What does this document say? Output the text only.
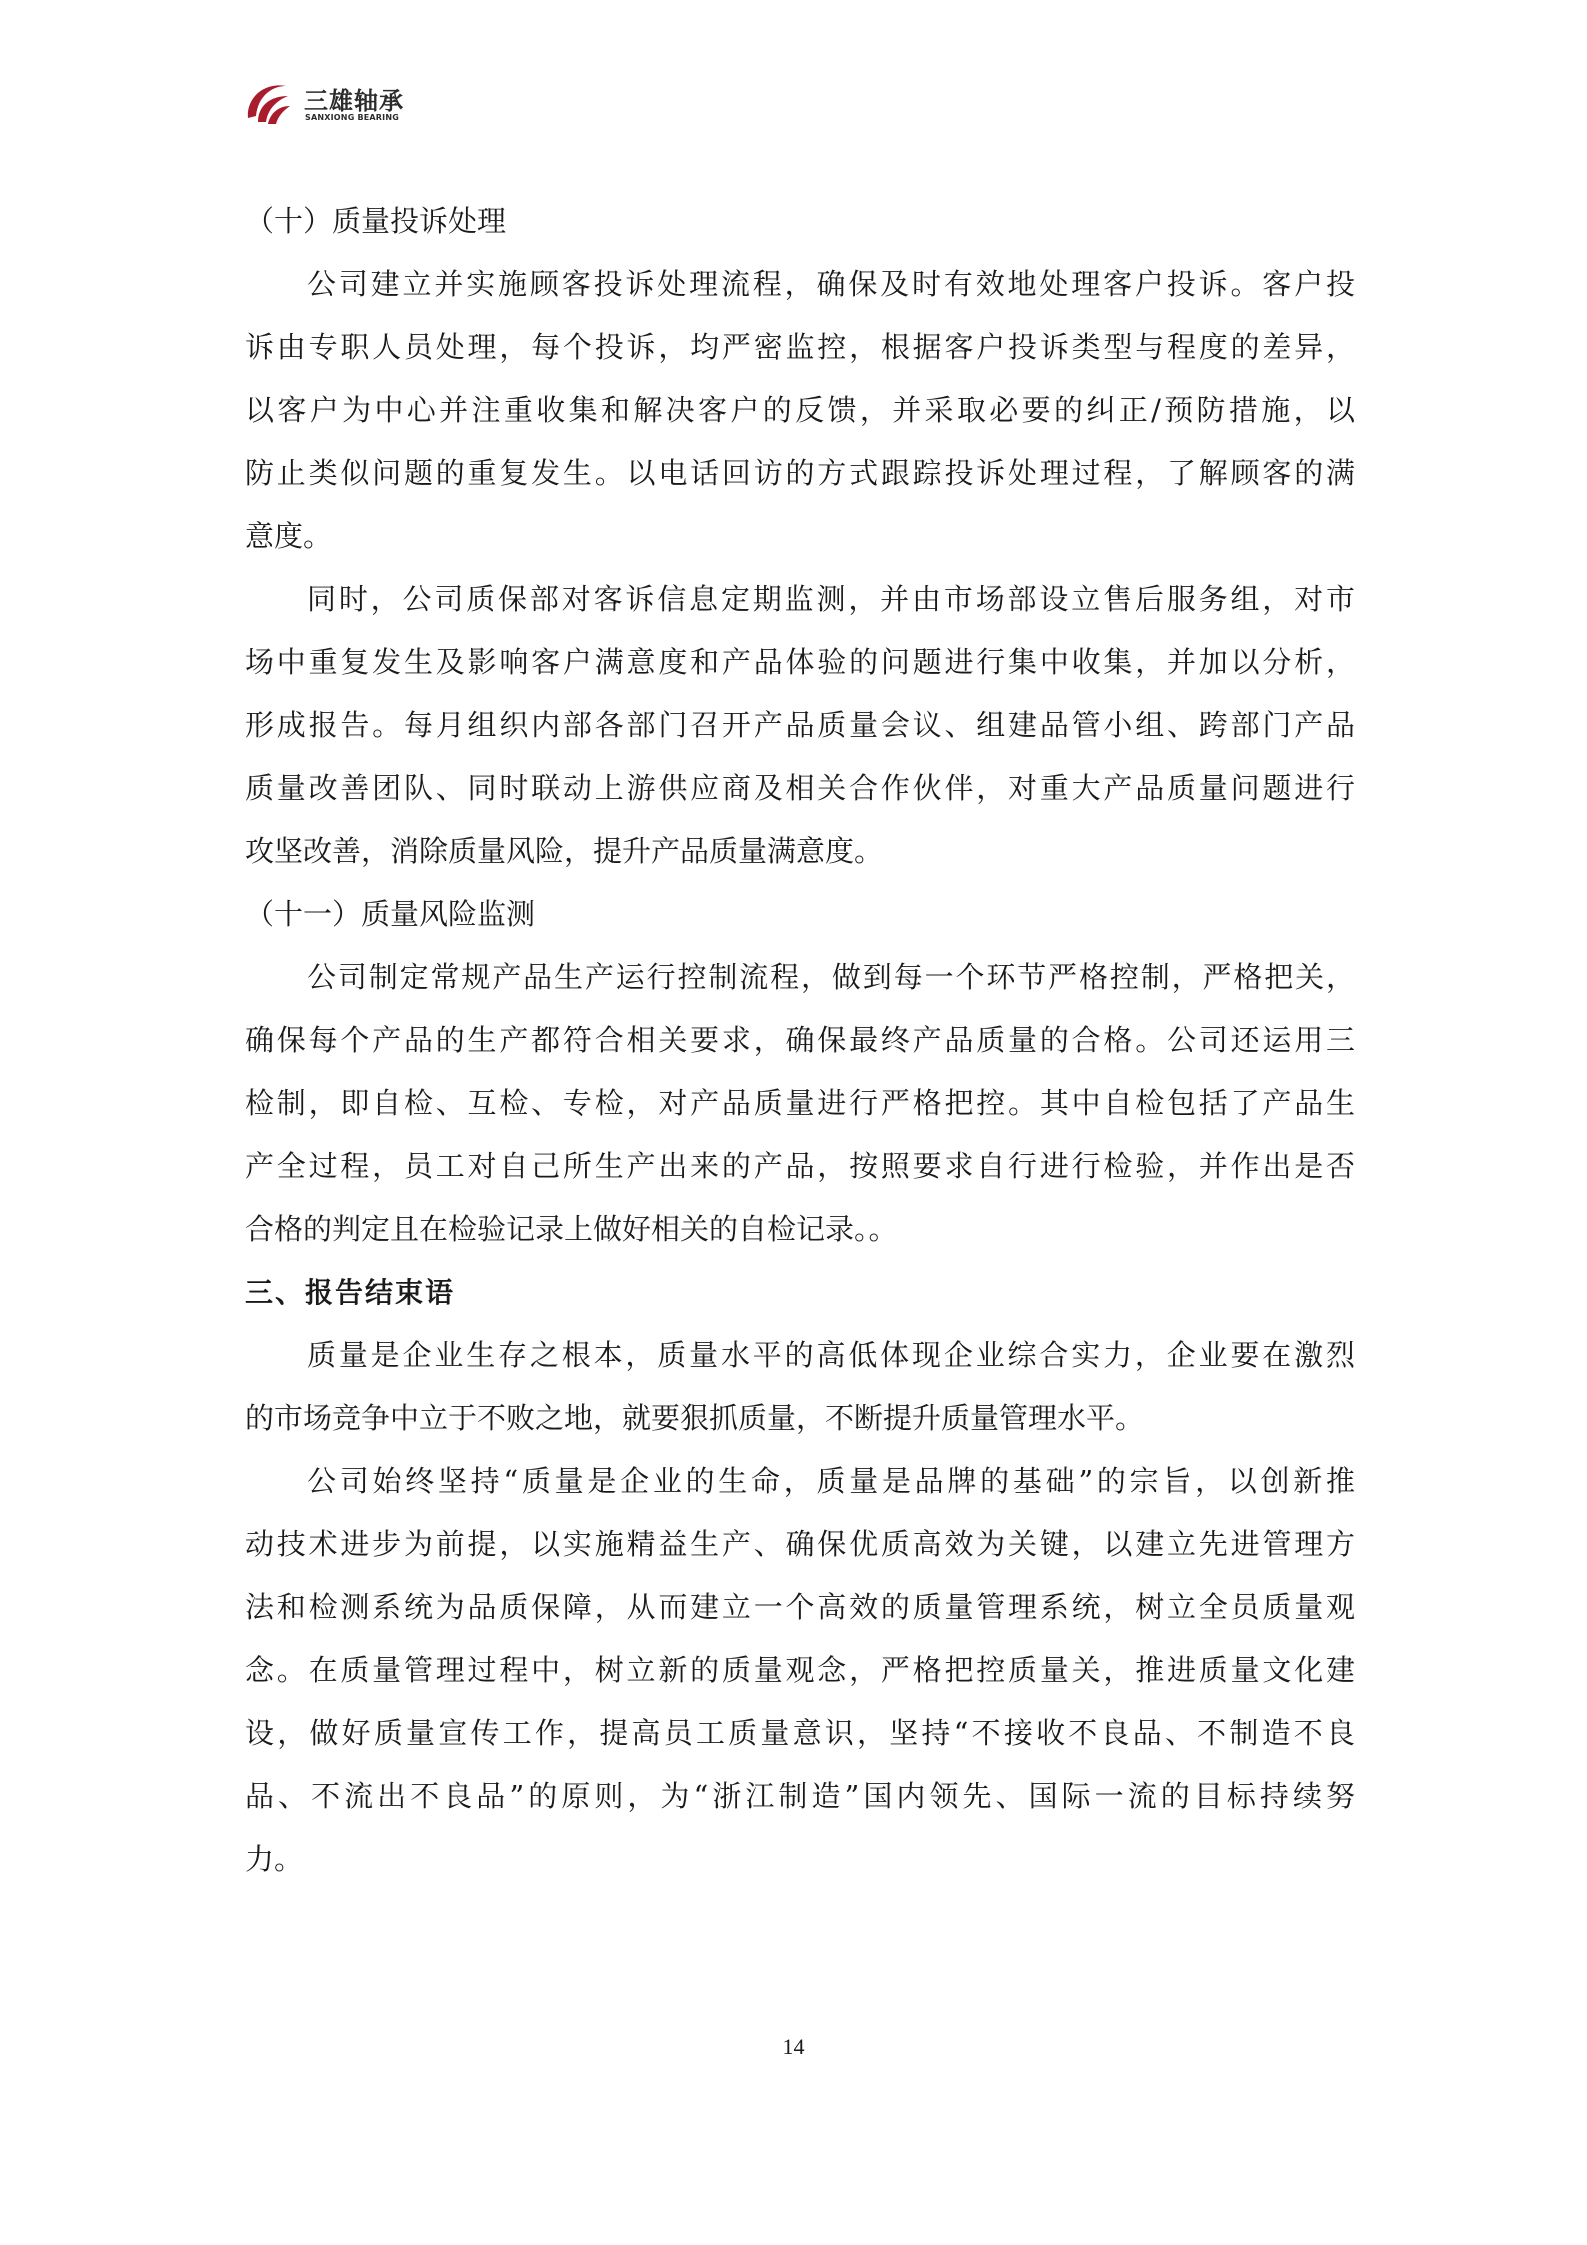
三雄轴承
SANXIONG BEARING
（十）质量投诉处理
公司建立并实施顾客投诉处理流程，确保及时有效地处理客户投诉。客户投
诉由专职人员处理，每个投诉，均严密监控，根据客户投诉类型与程度的差异，
以客户为中心并注重收集和解决客户的反馈，并采取必要的纠正/预防措施，以
防止类似问题的重复发生。以电话回访的方式跟踪投诉处理过程，了解顾客的满
意度。
同时，公司质保部对客诉信息定期监测，并由市场部设立售后服务组，对市
场中重复发生及影响客户满意度和产品体验的问题进行集中收集，并加以分析，
形成报告。每月组织内部各部门召开产品质量会议、组建品管小组、跨部门产品
质量改善团队、同时联动上游供应商及相关合作伙伴，对重大产品质量问题进行
攻坚改善，消除质量风险，提升产品质量满意度。
（十一）质量风险监测
公司制定常规产品生产运行控制流程，做到每一个环节严格控制，严格把关，
确保每个产品的生产都符合相关要求，确保最终产品质量的合格。公司还运用三
检制，即自检、互检、专检，对产品质量进行严格把控。其中自检包括了产品生
产全过程，员工对自己所生产出来的产品，按照要求自行进行检验，并作出是否
合格的判定且在检验记录上做好相关的自检记录。。
三、报告结束语
质量是企业生存之根本，质量水平的高低体现企业综合实力，企业要在激烈
的市场竞争中立于不败之地，就要狠抓质量，不断提升质量管理水平。
公司始终坚持“质量是企业的生命，质量是品牌的基础”的宗旨，以创新推
动技术进步为前提，以实施精益生产、确保优质高效为关键，以建立先进管理方
法和检测系统为品质保障，从而建立一个高效的质量管理系统，树立全员质量观
念。在质量管理过程中，树立新的质量观念，严格把控质量关，推进质量文化建
设，做好质量宣传工作，提高员工质量意识，坚持“不接收不良品、不制造不良
品、不流出不良品”的原则，为“浙江制造”国内领先、国际一流的目标持续努
力。
14
